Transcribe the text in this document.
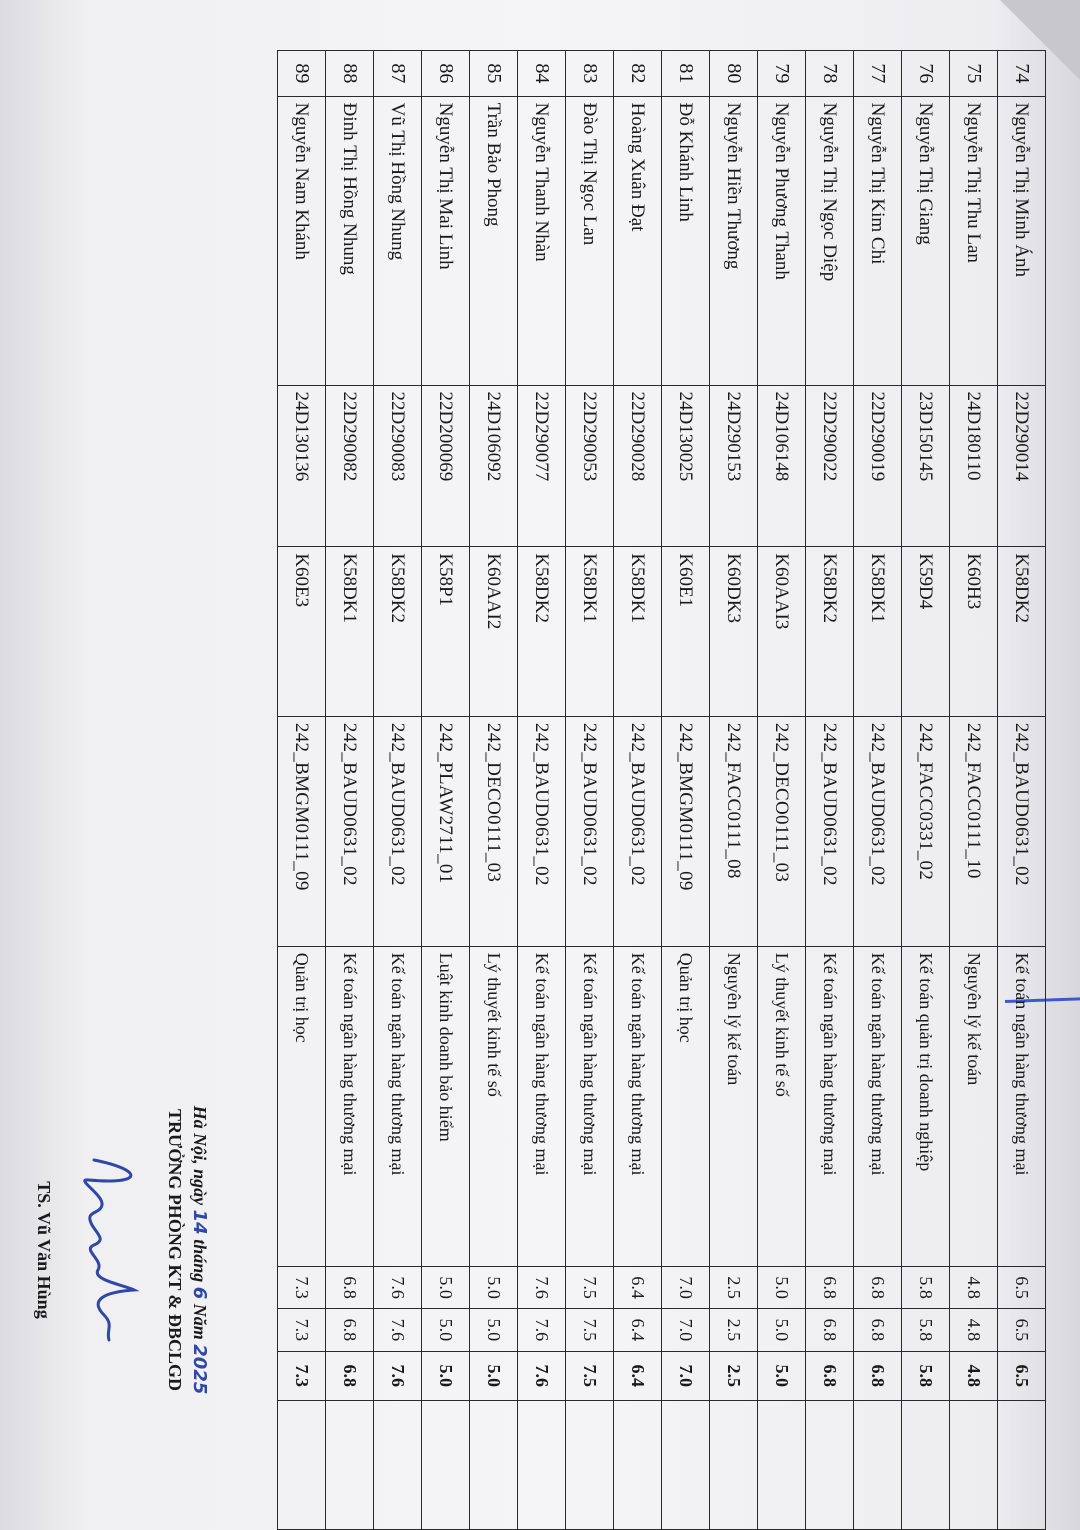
74	Nguyễn Thị Minh Ánh	22D290014	K58DK2	242_BAUD0631_02	Kế toán ngân hàng thương mại	6.5	6.5	6.5	
75	Nguyễn Thị Thu Lan	24D180110	K60H3	242_FACC0111_10	Nguyên lý kế toán	4.8	4.8	4.8	
76	Nguyễn Thị Giang	23D150145	K59D4	242_FACC0331_02	Kế toán quản trị doanh nghiệp	5.8	5.8	5.8	
77	Nguyễn Thị Kim Chi	22D290019	K58DK1	242_BAUD0631_02	Kế toán ngân hàng thương mại	6.8	6.8	6.8	
78	Nguyễn Thị Ngọc Diệp	22D290022	K58DK2	242_BAUD0631_02	Kế toán ngân hàng thương mại	6.8	6.8	6.8	
79	Nguyễn Phương Thanh	24D106148	K60AAI3	242_DECO0111_03	Lý thuyết kinh tế số	5.0	5.0	5.0	
80	Nguyễn Hiền Thương	24D290153	K60DK3	242_FACC0111_08	Nguyên lý kế toán	2.5	2.5	2.5	
81	Đỗ Khánh Linh	24D130025	K60E1	242_BMGM0111_09	Quản trị học	7.0	7.0	7.0	
82	Hoàng Xuân Đạt	22D290028	K58DK1	242_BAUD0631_02	Kế toán ngân hàng thương mại	6.4	6.4	6.4	
83	Đào Thị Ngọc Lan	22D290053	K58DK1	242_BAUD0631_02	Kế toán ngân hàng thương mại	7.5	7.5	7.5	
84	Nguyễn Thanh Nhàn	22D290077	K58DK2	242_BAUD0631_02	Kế toán ngân hàng thương mại	7.6	7.6	7.6	
85	Trần Bảo Phong	24D106092	K60AAI2	242_DECO0111_03	Lý thuyết kinh tế số	5.0	5.0	5.0	
86	Nguyễn Thị Mai Linh	22D200069	K58P1	242_PLAW2711_01	Luật kinh doanh bảo hiểm	5.0	5.0	5.0	
87	Vũ Thị Hồng Nhung	22D290083	K58DK2	242_BAUD0631_02	Kế toán ngân hàng thương mại	7.6	7.6	7.6	
88	Đinh Thị Hồng Nhung	22D290082	K58DK1	242_BAUD0631_02	Kế toán ngân hàng thương mại	6.8	6.8	6.8	
89	Nguyễn Nam Khánh	24D130136	K60E3	242_BMGM0111_09	Quản trị học	7.3	7.3	7.3	
Hà Nội, ngày 14 tháng 6 Năm 2025
TRƯỞNG PHÒNG KT & ĐBCLGD
TS. Vũ Văn Hùng
